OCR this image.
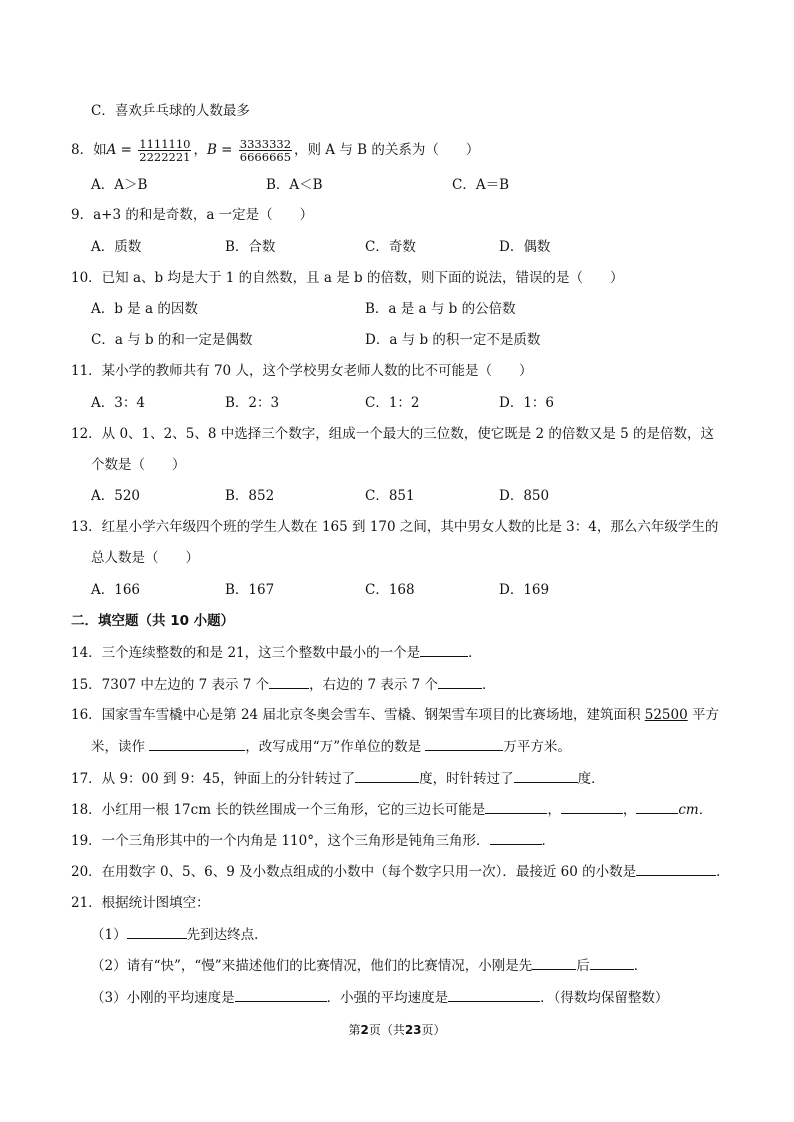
C．喜欢乒乓球的人数最多
8．如$A = \frac{1111110}{2222221}$ ，$B = \frac{3333332}{6666665}$ ，则 A 与 B 的关系为（　　）
A．A＞B	B．A＜B	C．A＝B
9．a+3 的和是奇数，a 一定是（　　）
A．质数	B．合数	C．奇数	D．偶数
10．已知 a、b 均是大于 1 的自然数，且 a 是 b 的倍数，则下面的说法，错误的是（　　）
A．b 是 a 的因数	B．a 是 a 与 b 的公倍数
C．a 与 b 的和一定是偶数	D．a 与 b 的积一定不是质数
11．某小学的教师共有 70 人，这个学校男女老师人数的比不可能是（　　）
A．3：4	B．2：3	C．1：2	D．1：6
12．从 0、1、2、5、8 中选择三个数字，组成一个最大的三位数，使它既是 2 的倍数又是 5 的是倍数，这
个数是（　　）
A．520	B．852	C．851	D．850
13．红星小学六年级四个班的学生人数在 165 到 170 之间，其中男女人数的比是 3：4，那么六年级学生的
总人数是（　　）
A．166	B．167	C．168	D．169
二．填空题（共 10 小题）
14．三个连续整数的和是 21，这三个整数中最小的一个是	．
15．7307 中左边的 7 表示 7 个	，右边的 7 表示 7 个	．
16．国家雪车雪橇中心是第 24 届北京冬奥会雪车、雪橇、钢架雪车项目的比赛场地，建筑面积 52500 平方
米，读作	，改写成用“万”作单位的数是	万平方米。
17．从 9：00 到 9：45，钟面上的分针转过了	度，时针转过了	度．
18．小红用一根 17cm 长的铁丝围成一个三角形，它的三边长可能是	，	，	cm．
19．一个三角形其中的一个内角是 110°，这个三角形是钝角三角形．	．
20．在用数字 0、5、6、9 及小数点组成的小数中（每个数字只用一次）．最接近 60 的小数是	．
21．根据统计图填空：
（1）	先到达终点．
（2）请有“快”，“慢”来描述他们的比赛情况，他们的比赛情况，小刚是先	后	．
（3）小刚的平均速度是	．小强的平均速度是	．（得数均保留整数）
第2页（共23页）
